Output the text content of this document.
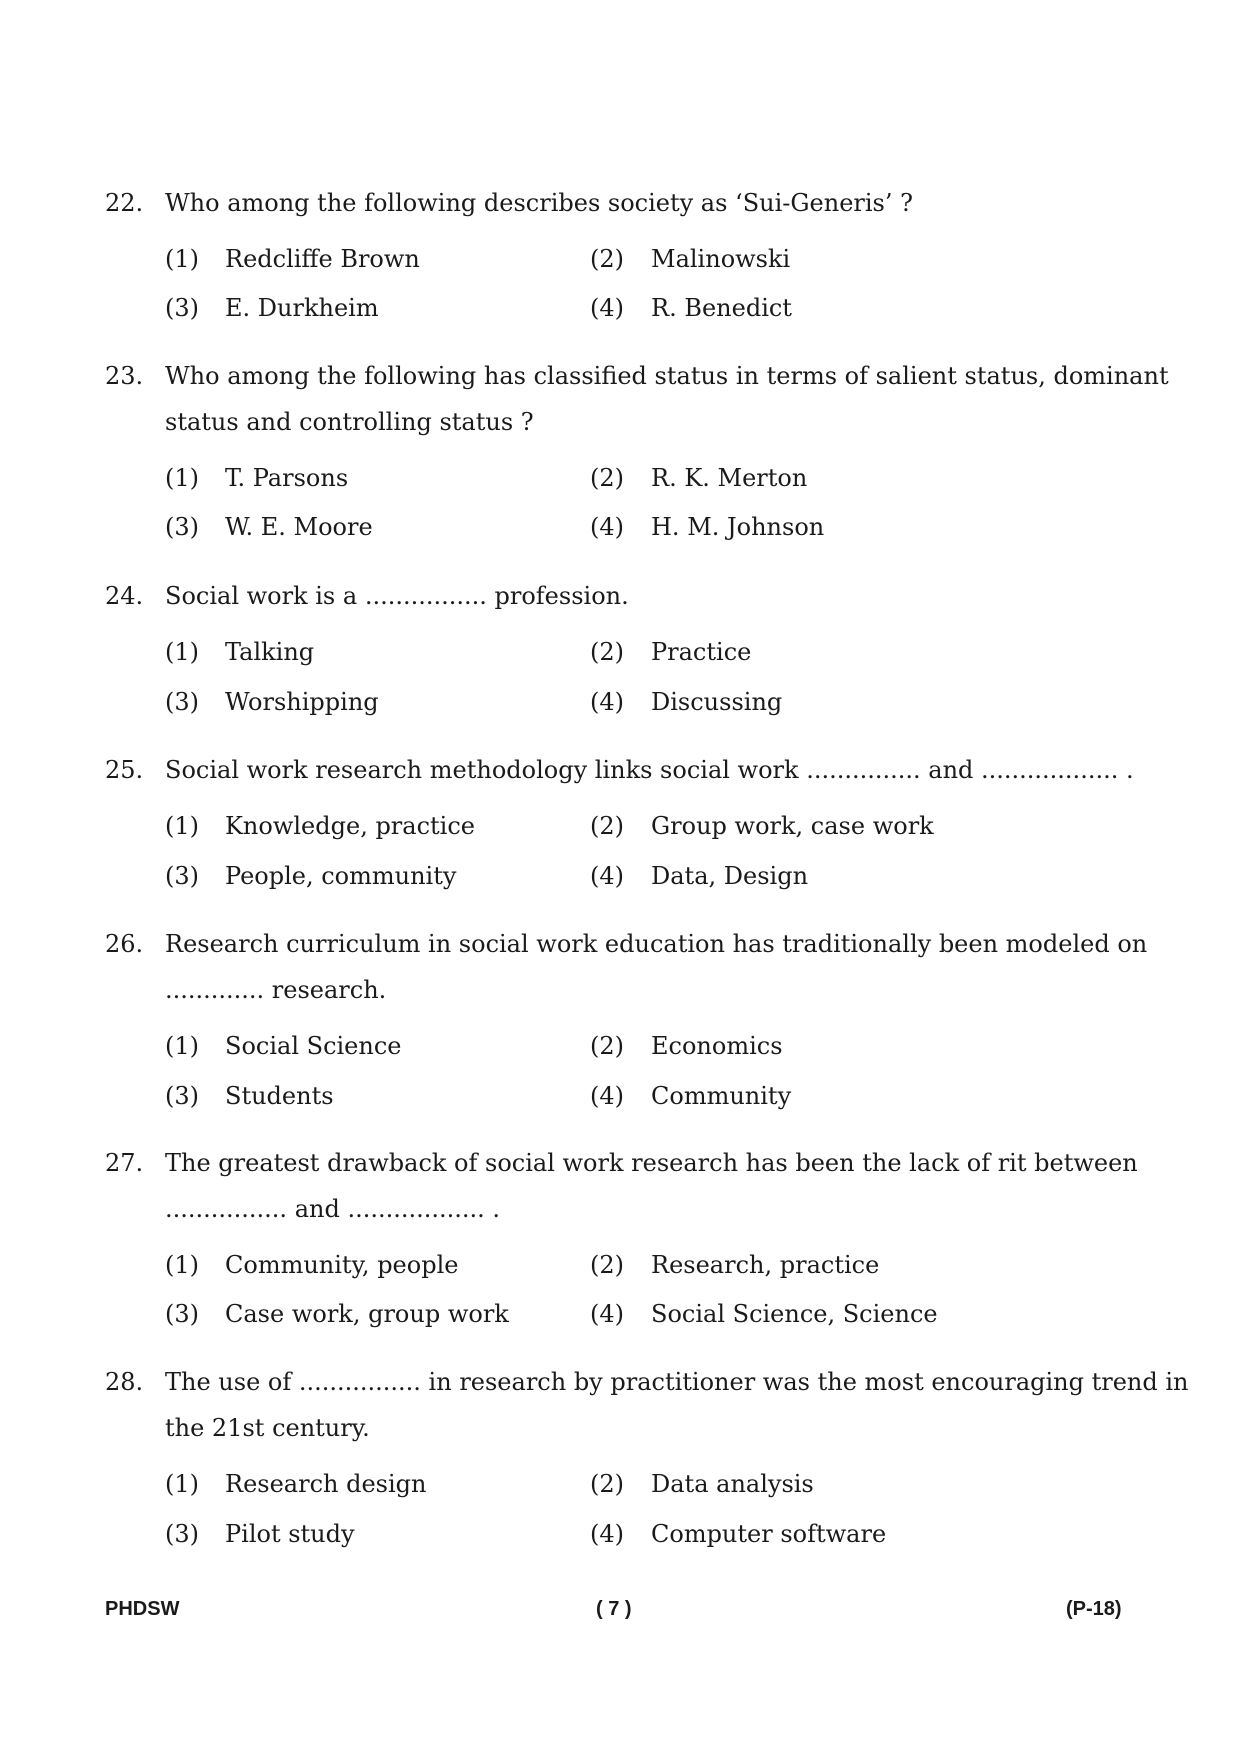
22. Who among the following describes society as ‘Sui-Generis’ ?
(1) Redcliffe Brown	(2) Malinowski
(3) E. Durkheim	(4) R. Benedict
23. Who among the following has classified status in terms of salient status, dominant
status and controlling status ?
(1) T. Parsons	(2) R. K. Merton
(3) W. E. Moore	(4) H. M. Johnson
24. Social work is a ................ profession.
(1) Talking	(2) Practice
(3) Worshipping	(4) Discussing
25. Social work research methodology links social work ............... and .................. .
(1) Knowledge, practice	(2) Group work, case work
(3) People, community	(4) Data, Design
26. Research curriculum in social work education has traditionally been modeled on
............. research.
(1) Social Science	(2) Economics
(3) Students	(4) Community
27. The greatest drawback of social work research has been the lack of rit between
................ and .................. .
(1) Community, people	(2) Research, practice
(3) Case work, group work	(4) Social Science, Science
28. The use of ................ in research by practitioner was the most encouraging trend in
the 21st century.
(1) Research design	(2) Data analysis
(3) Pilot study	(4) Computer software
PHDSW	( 7 )	(P-18)
